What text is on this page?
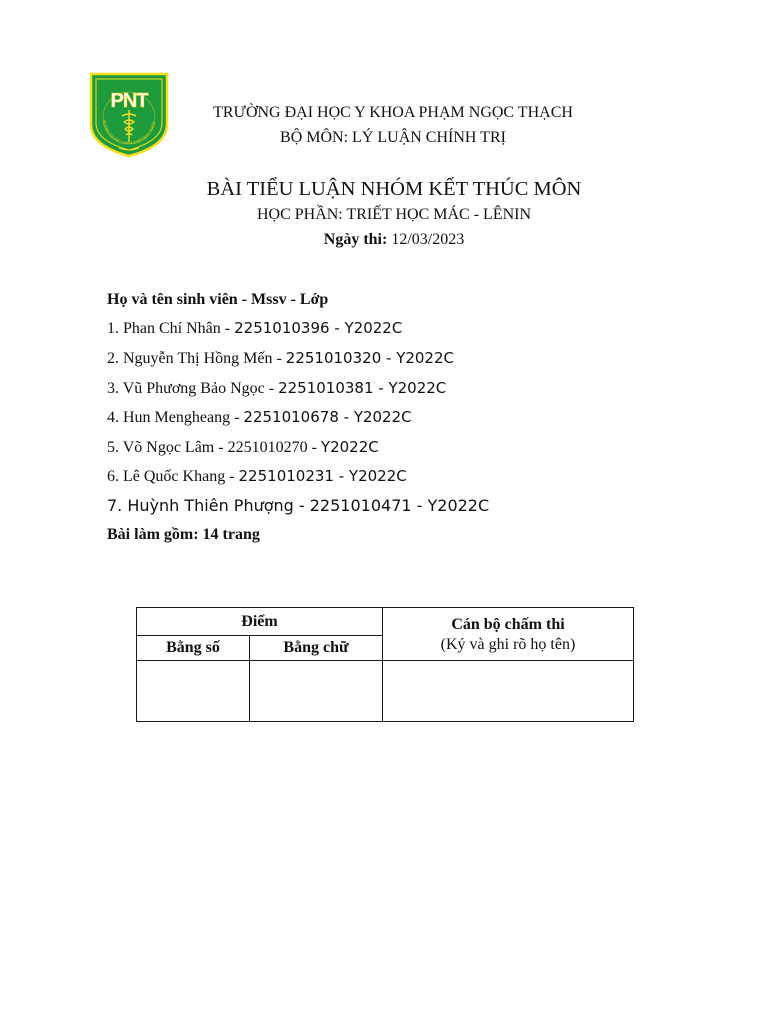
PNT
TRƯỜNG ĐẠI HỌC Y KHOA PHẠM NGỌC THẠCH
TRƯỜNG ĐẠI HỌC Y KHOA PHẠM NGỌC THẠCH
BỘ MÔN: LÝ LUẬN CHÍNH TRỊ
BÀI TIỂU LUẬN NHÓM KẾT THÚC MÔN
HỌC PHẦN: TRIẾT HỌC MÁC - LÊNIN
Ngày thi: 12/03/2023
Họ và tên sinh viên - Mssv - Lớp
1. Phan Chí Nhân - 2251010396 - Y2022C
2. Nguyễn Thị Hồng Mến - 2251010320 - Y2022C
3. Vũ Phương Bảo Ngọc - 2251010381 - Y2022C
4. Hun Mengheang - 2251010678 - Y2022C
5. Võ Ngọc Lâm - 2251010270 - Y2022C
6. Lê Quốc Khang - 2251010231 - Y2022C
7. Huỳnh Thiên Phượng - 2251010471 - Y2022C
Bài làm gồm: 14 trang
Điểm		Cán bộ chấm thi
(Ký và ghi rõ họ tên)
Bằng số	Bằng chữ	
